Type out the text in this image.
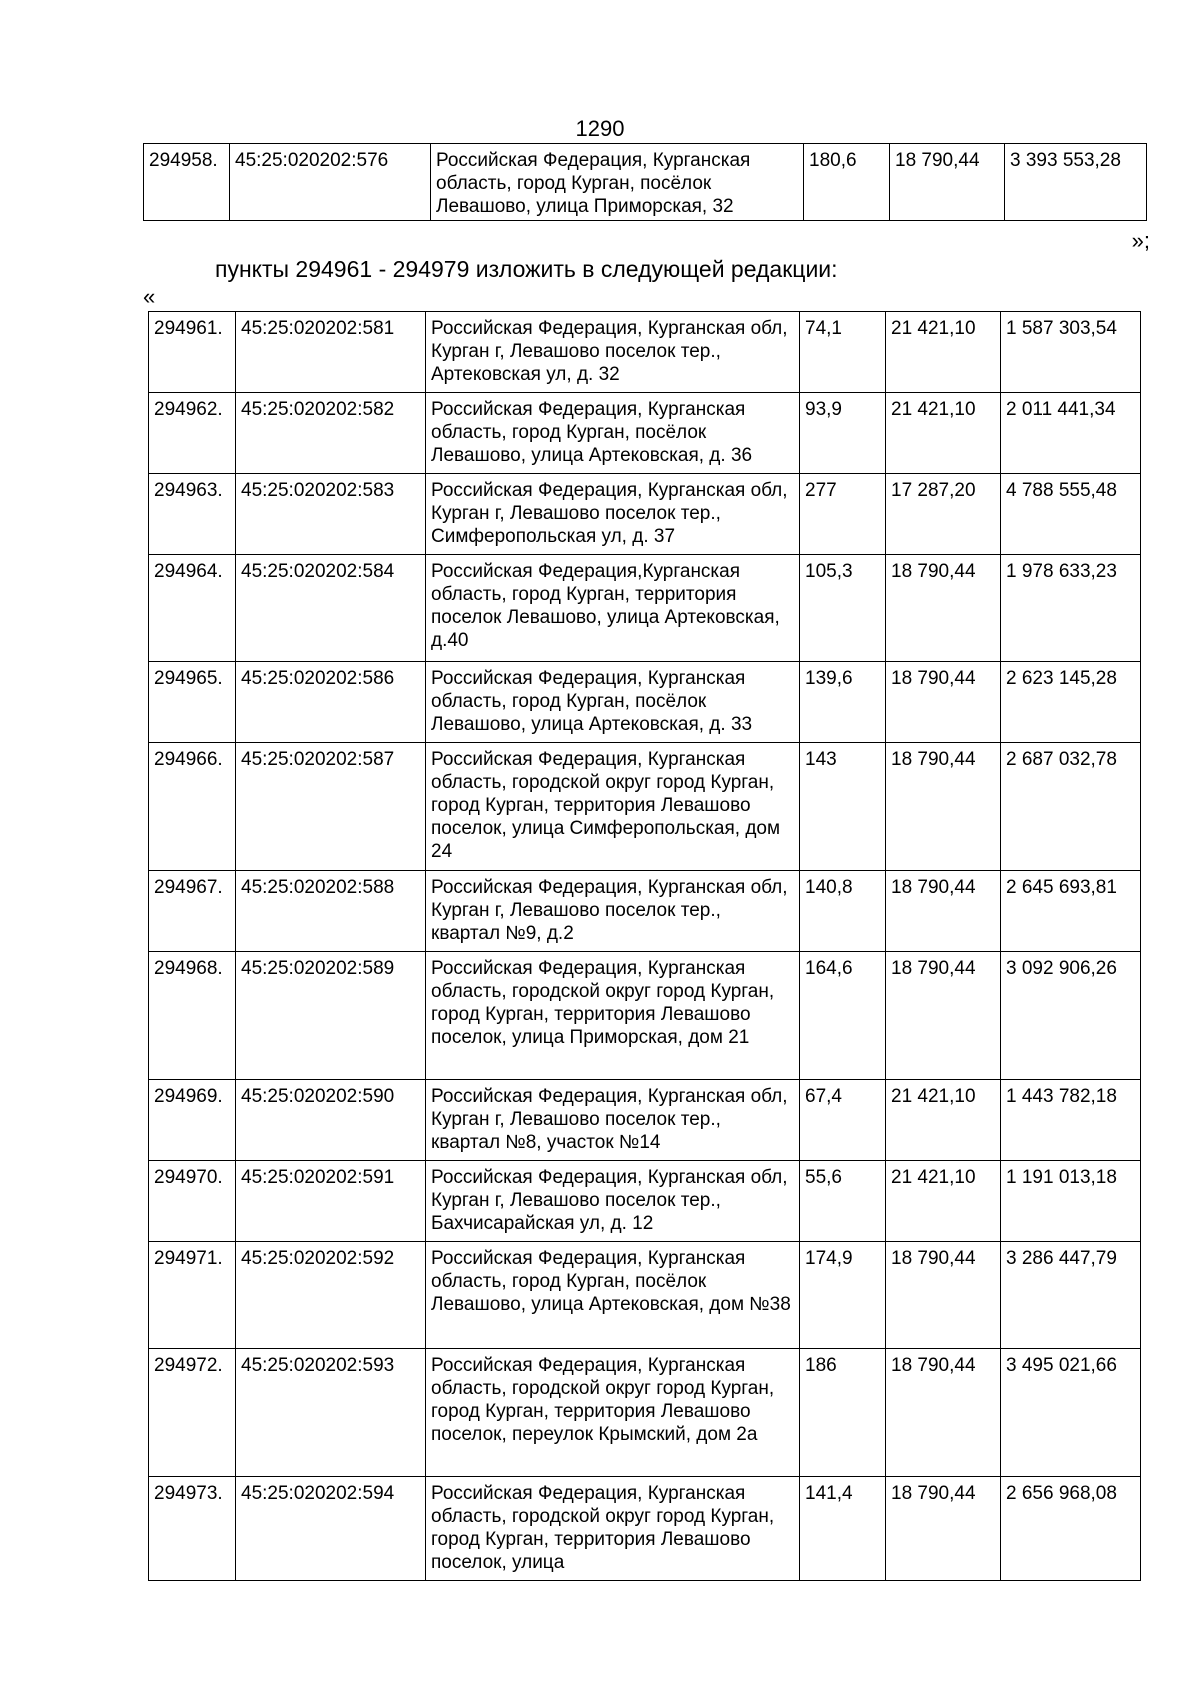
1290
294958.	45:25:020202:576	Российская Федерация, Курганская область, город Курган, посёлок Левашово, улица Приморская, 32	180,6	18 790,44	3 393 553,28
»;
пункты 294961 - 294979 изложить в следующей редакции:
«
294961.	45:25:020202:581	Российская Федерация, Курганская обл, Курган г, Левашово поселок тер., Артековская ул, д. 32	74,1	21 421,10	1 587 303,54
294962.	45:25:020202:582	Российская Федерация, Курганская область, город Курган, посёлок Левашово, улица Артековская, д. 36	93,9	21 421,10	2 011 441,34
294963.	45:25:020202:583	Российская Федерация, Курганская обл, Курган г, Левашово поселок тер., Симферопольская ул, д. 37	277	17 287,20	4 788 555,48
294964.	45:25:020202:584	Российская Федерация,Курганская область, город Курган, территория поселок Левашово, улица Артековская, д.40	105,3	18 790,44	1 978 633,23
294965.	45:25:020202:586	Российская Федерация, Курганская область, город Курган, посёлок Левашово, улица Артековская, д. 33	139,6	18 790,44	2 623 145,28
294966.	45:25:020202:587	Российская Федерация, Курганская область, городской округ город Курган, город Курган, территория Левашово поселок, улица Симферопольская, дом 24	143	18 790,44	2 687 032,78
294967.	45:25:020202:588	Российская Федерация, Курганская обл, Курган г, Левашово поселок тер., квартал №9, д.2	140,8	18 790,44	2 645 693,81
294968.	45:25:020202:589	Российская Федерация, Курганская область, городской округ город Курган, город Курган, территория Левашово поселок, улица Приморская, дом 21	164,6	18 790,44	3 092 906,26
294969.	45:25:020202:590	Российская Федерация, Курганская обл, Курган г, Левашово поселок тер., квартал №8, участок №14	67,4	21 421,10	1 443 782,18
294970.	45:25:020202:591	Российская Федерация, Курганская обл, Курган г, Левашово поселок тер., Бахчисарайская ул, д. 12	55,6	21 421,10	1 191 013,18
294971.	45:25:020202:592	Российская Федерация, Курганская область, город Курган, посёлок Левашово, улица Артековская, дом №38	174,9	18 790,44	3 286 447,79
294972.	45:25:020202:593	Российская Федерация, Курганская область, городской округ город Курган, город Курган, территория Левашово поселок, переулок Крымский, дом 2а	186	18 790,44	3 495 021,66
294973.	45:25:020202:594	Российская Федерация, Курганская область, городской округ город Курган, город Курган, территория Левашово поселок, улица	141,4	18 790,44	2 656 968,08
